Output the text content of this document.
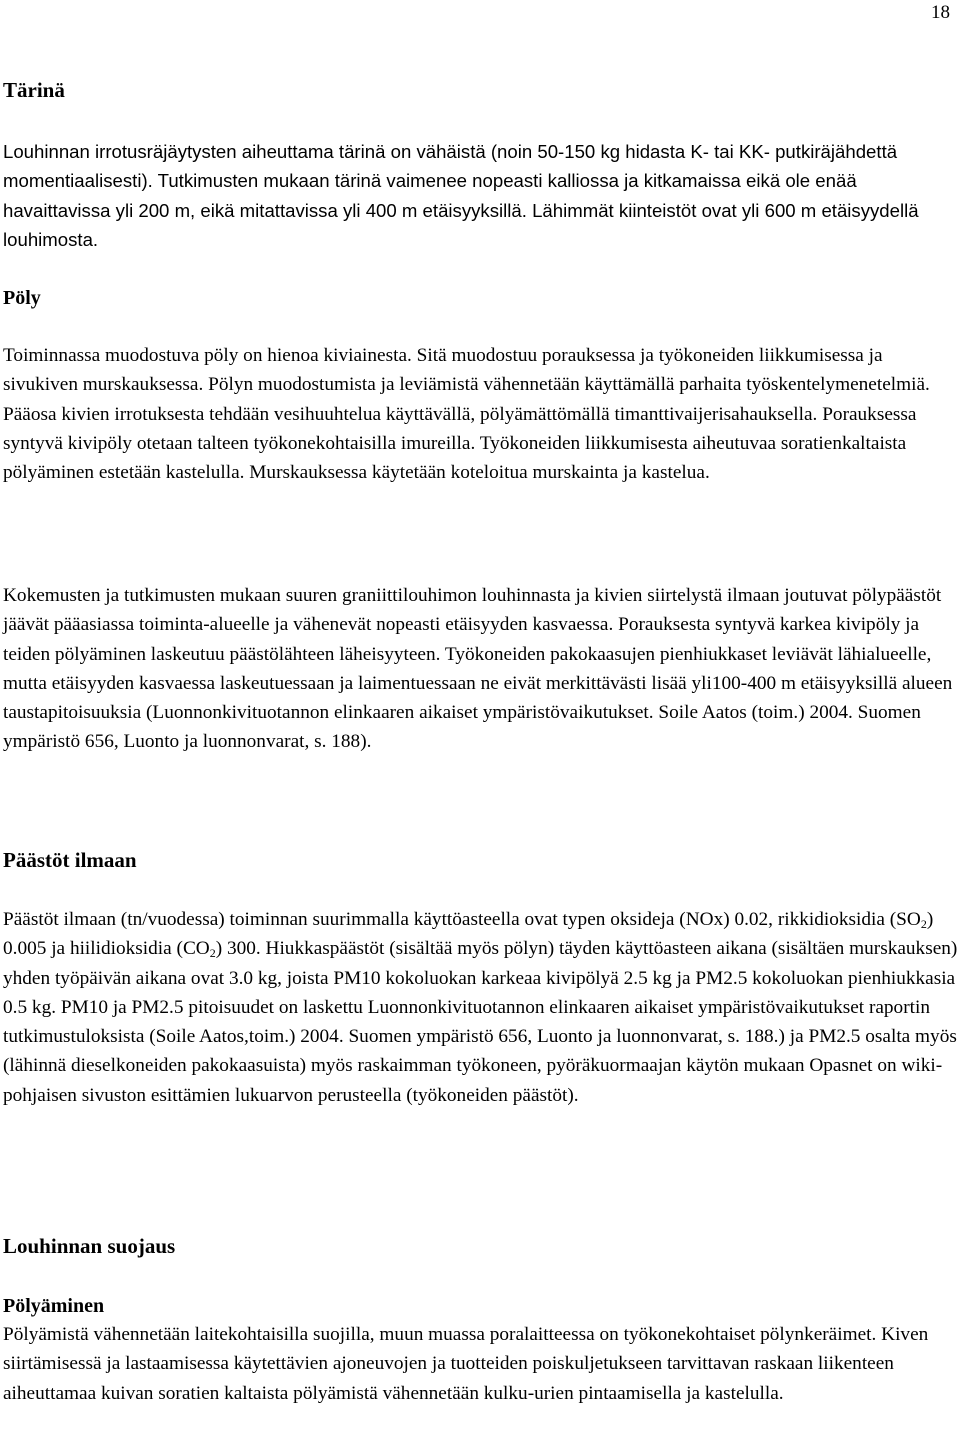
18
Tärinä

Louhinnan irrotusräjäytysten aiheuttama tärinä on vähäistä (noin 50-150 kg hidasta K- tai KK- putkiräjähdettä momentiaalisesti). Tutkimusten mukaan tärinä vaimenee nopeasti kalliossa ja kitkamaissa eikä ole enää havaittavissa yli 200 m, eikä mitattavissa yli 400 m etäisyyksillä. Lähimmät kiinteistöt ovat yli 600 m etäisyydellä louhimosta.

Pöly

Toiminnassa muodostuva pöly on hienoa kiviainesta. Sitä muodostuu porauksessa ja työkoneiden liikkumisessa ja sivukiven murskauksessa. Pölyn muodostumista ja leviämistä vähennetään käyttämällä parhaita työskentelymenetelmiä. Pääosa kivien irrotuksesta tehdään vesihuuhtelua käyttävällä, pölyämättömällä timanttivaijerisahauksella. Porauksessa syntyvä kivipöly otetaan talteen työkonekohtaisilla imureilla. Työkoneiden liikkumisesta aiheutuvaa soratienkaltaista pölyäminen estetään kastelulla. Murskauksessa käytetään koteloitua murskainta ja kastelua.

Kokemusten ja tutkimusten mukaan suuren graniittilouhimon louhinnasta ja kivien siirtelystä ilmaan joutuvat pölypäästöt jäävät pääasiassa toiminta-alueelle ja vähenevät nopeasti etäisyyden kasvaessa. Porauksesta syntyvä karkea kivipöly ja teiden pölyäminen laskeutuu päästölähteen läheisyyteen. Työkoneiden pakokaasujen pienhiukkaset leviävät lähialueelle, mutta etäisyyden kasvaessa laskeutuessaan ja laimentuessaan ne eivät merkittävästi lisää yli100-400 m etäisyyksillä alueen taustapitoisuuksia (Luonnonkivituotannon elinkaaren aikaiset ympäristövaikutukset. Soile Aatos (toim.) 2004. Suomen ympäristö 656, Luonto ja luonnonvarat, s. 188).

Päästöt ilmaan

Päästöt ilmaan (tn/vuodessa) toiminnan suurimmalla käyttöasteella ovat typen oksideja (NOx) 0.02, rikkidioksidia $(SO_2)$ 0.005 ja hiilidioksidia $(CO_2)$ 300. Hiukkaspäästöt (sisältää myös pölyn) täyden käyttöasteen aikana (sisältäen murskauksen) yhden työpäivän aikana ovat 3.0 kg, joista PM10 kokoluokan karkeaa kivipölyä 2.5 kg ja PM2.5 kokoluokan pienhiukkasia 0.5 kg. PM10 ja PM2.5 pitoisuudet on laskettu Luonnonkivituotannon elinkaaren aikaiset ympäristövaikutukset raportin tutkimustuloksista (Soile Aatos,toim.) 2004. Suomen ympäristö 656, Luonto ja luonnonvarat, s. 188.) ja PM2.5 osalta myös (lähinnä dieselkoneiden pakokaasuista) myös raskaimman työkoneen, pyöräkuormaajan käytön mukaan Opasnet on wiki-pohjaisen sivuston esittämien lukuarvon perusteella (työkoneiden päästöt).

Louhinnan suojaus
Pölyäminen

Pölyämistä vähennetään laitekohtaisilla suojilla, muun muassa poralaitteessa on työkonekohtaiset pölynkeräimet. Kiven siirtämisessä ja lastaamisessa käytettävien ajoneuvojen ja tuotteiden poiskuljetukseen tarvittavan raskaan liikenteen aiheuttamaa kuivan soratien kaltaista pölyämistä vähennetään kulku-urien pintaamisella ja kastelulla.
